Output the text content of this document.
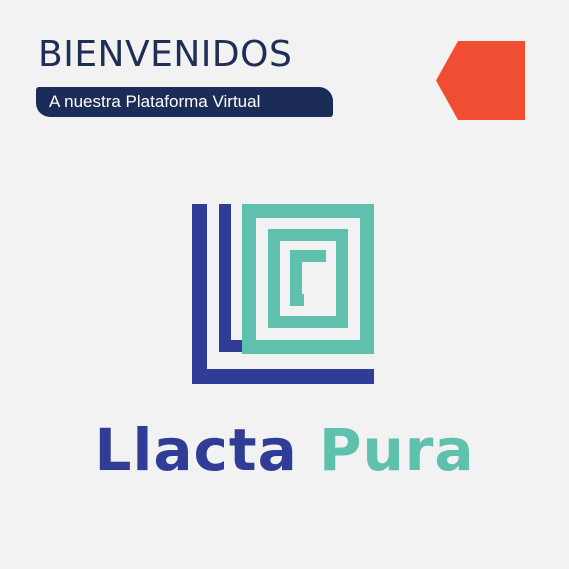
BIENVENIDOS
A nuestra Plataforma Virtual
Llacta Pura
